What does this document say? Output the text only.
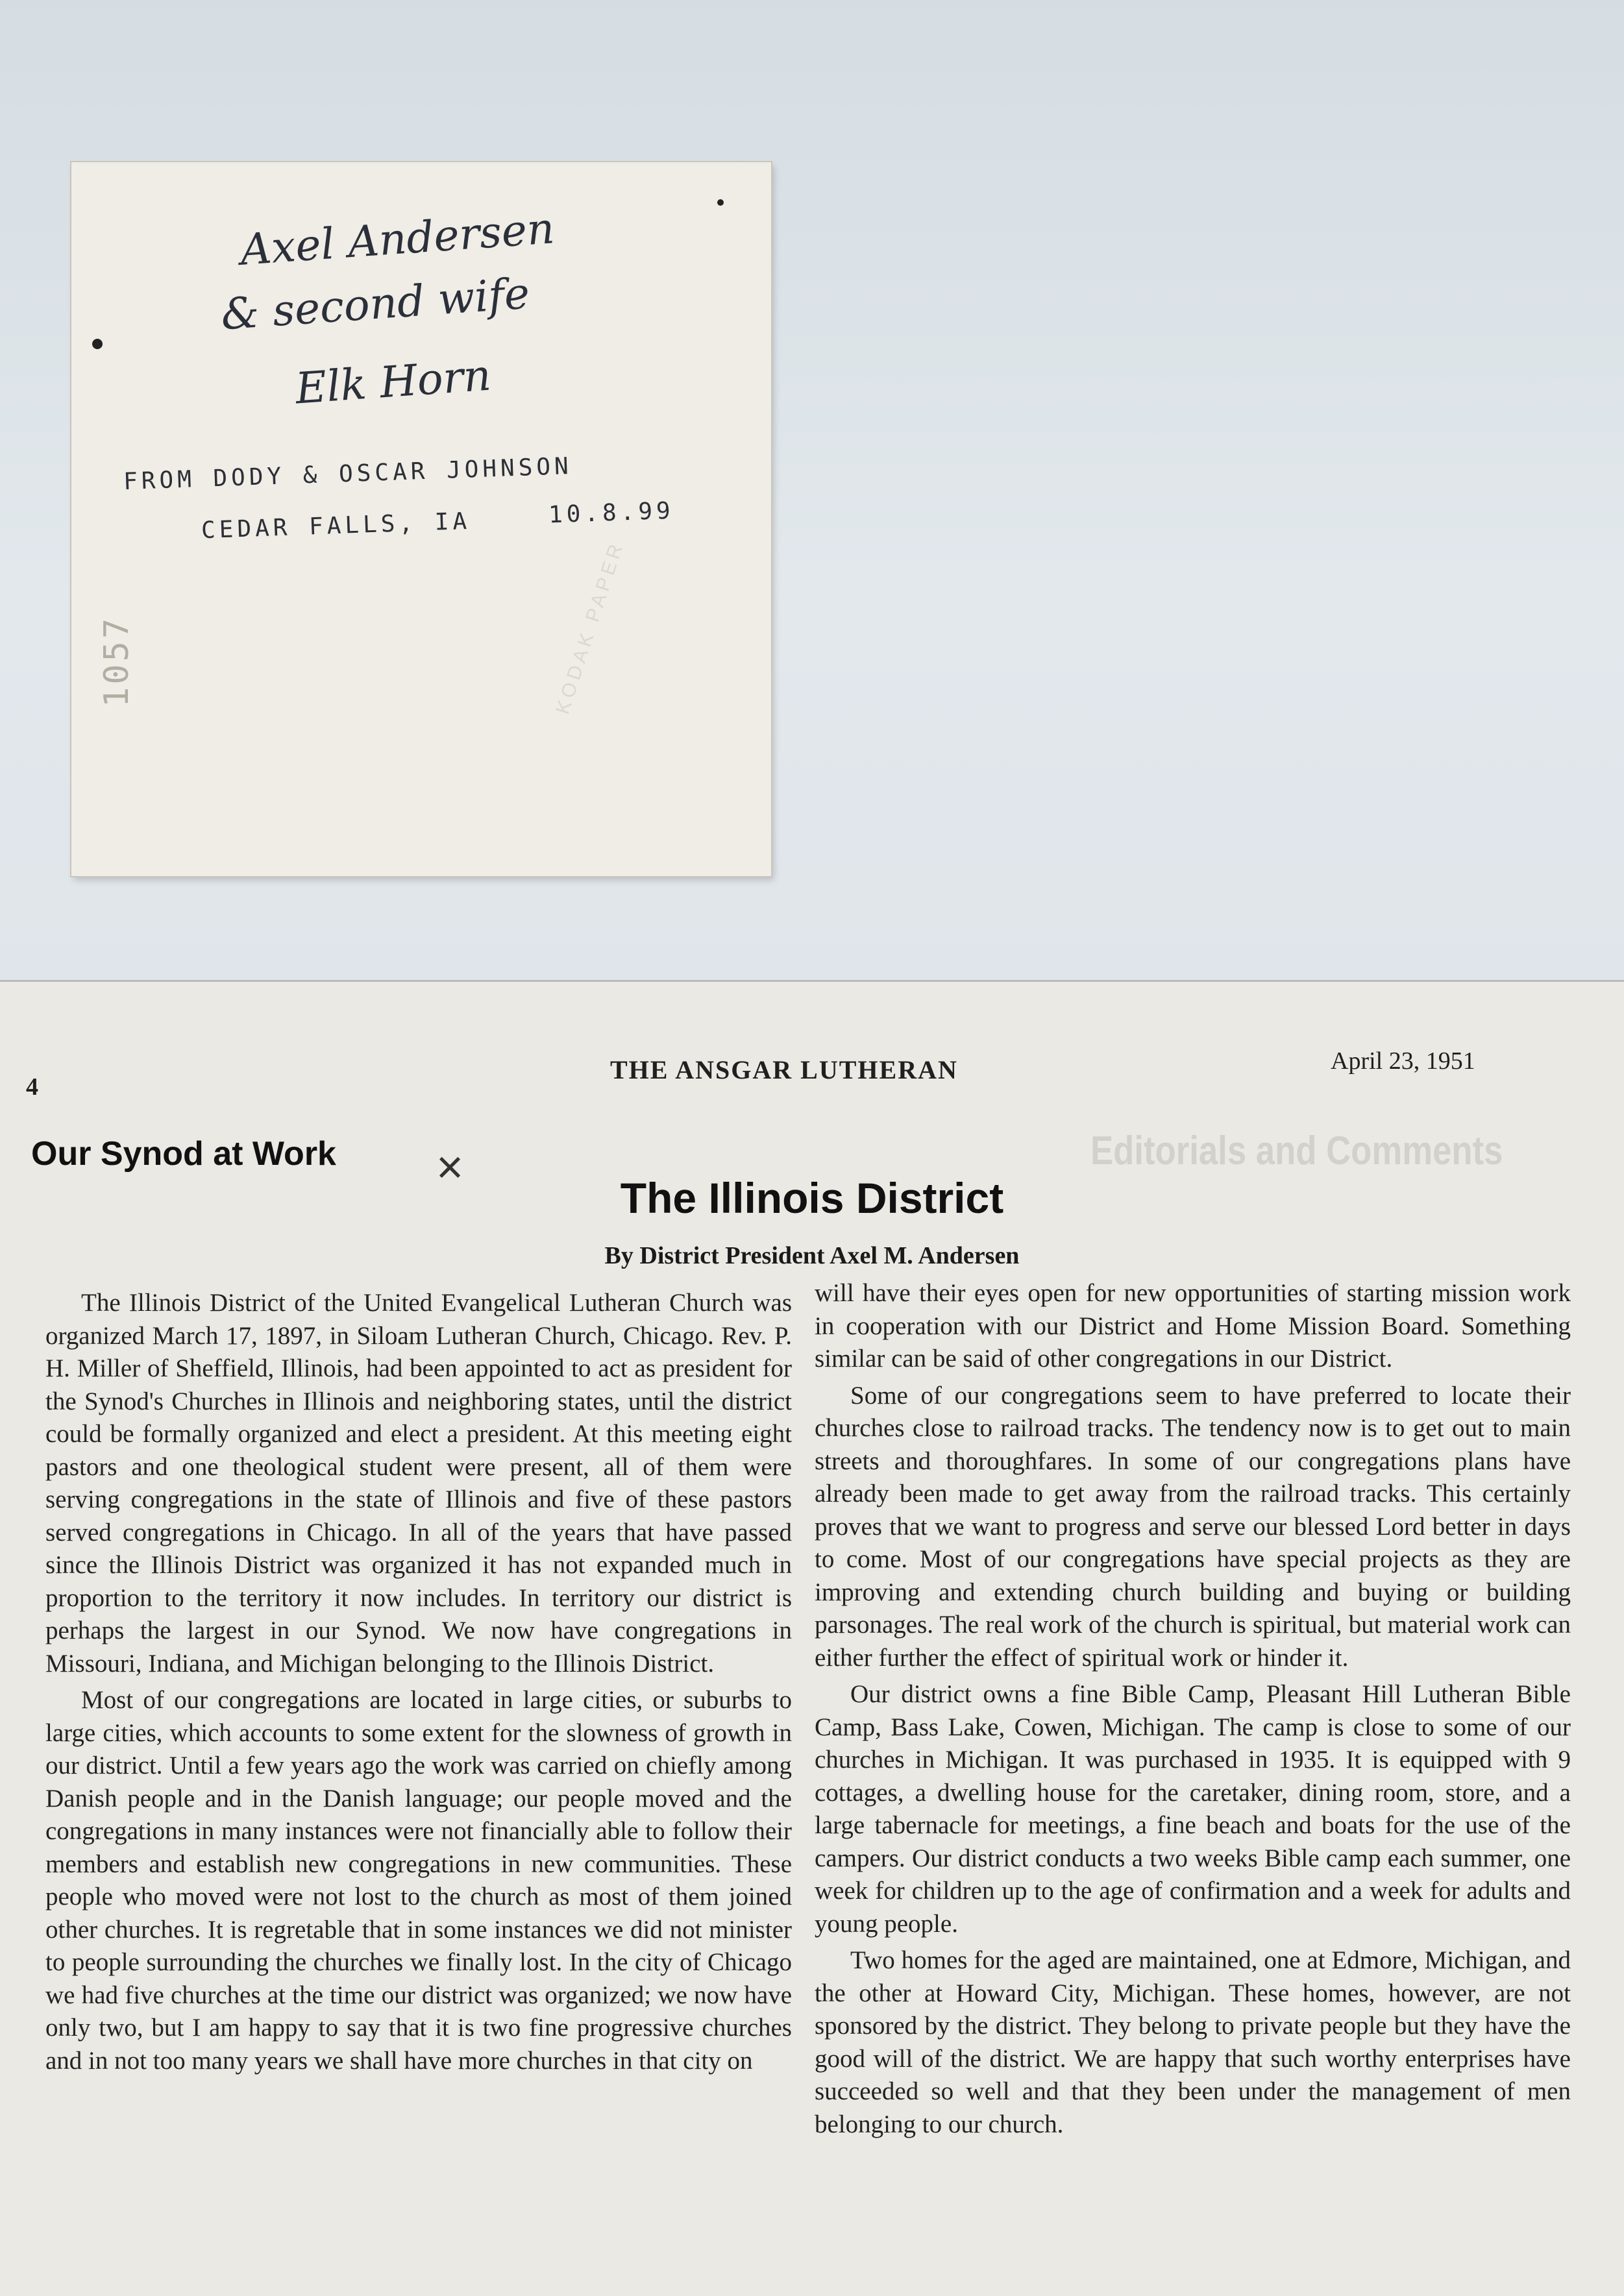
Axel Andersen
& second wife
Elk Horn
FROM DODY & OSCAR JOHNSON
CEDAR FALLS, IA	10.8.99
1057	KODAK PAPER
Editorials and Comments
4
THE ANSGAR LUTHERAN	April 23, 1951
Our Synod at Work ×
The Illinois District
By District President Axel M. Andersen

The Illinois District of the United Evangelical Lutheran Church was organized March 17, 1897, in Siloam Lutheran Church, Chicago. Rev. P. H. Miller of Sheffield, Illinois, had been appointed to act as president for the Synod's Churches in Illinois and neighboring states, until the district could be formally organized and elect a president. At this meeting eight pastors and one theological student were present, all of them were serving congregations in the state of Illinois and five of these pastors served congregations in Chicago. In all of the years that have passed since the Illinois District was organized it has not expanded much in proportion to the territory it now includes. In territory our district is perhaps the largest in our Synod. We now have congregations in Missouri, Indiana, and Michigan belonging to the Illinois District.

Most of our congregations are located in large cities, or suburbs to large cities, which accounts to some extent for the slowness of growth in our district. Until a few years ago the work was carried on chiefly among Danish people and in the Danish language; our people moved and the congregations in many instances were not financially able to follow their members and establish new congregations in new communities. These people who moved were not lost to the church as most of them joined other churches. It is regretable that in some instances we did not minister to people surrounding the churches we finally lost. In the city of Chicago we had five churches at the time our district was organized; we now have only two, but I am happy to say that it is two fine progressive churches and in not too many years we shall have more churches in that city on

will have their eyes open for new opportunities of starting mission work in cooperation with our District and Home Mission Board. Something similar can be said of other congregations in our District.

Some of our congregations seem to have preferred to locate their churches close to railroad tracks. The tendency now is to get out to main streets and thoroughfares. In some of our congregations plans have already been made to get away from the railroad tracks. This certainly proves that we want to progress and serve our blessed Lord better in days to come. Most of our congregations have special projects as they are improving and extending church building and buying or building parsonages. The real work of the church is spiritual, but material work can either further the effect of spiritual work or hinder it.

Our district owns a fine Bible Camp, Pleasant Hill Lutheran Bible Camp, Bass Lake, Cowen, Michigan. The camp is close to some of our churches in Michigan. It was purchased in 1935. It is equipped with 9 cottages, a dwelling house for the caretaker, dining room, store, and a large tabernacle for meetings, a fine beach and boats for the use of the campers. Our district conducts a two weeks Bible camp each summer, one week for children up to the age of confirmation and a week for adults and young people.

Two homes for the aged are maintained, one at Edmore, Michigan, and the other at Howard City, Michigan. These homes, however, are not sponsored by the district. They belong to private people but they have the good will of the district. We are happy that such worthy enterprises have succeeded so well and that they been under the management of men belonging to our church.
